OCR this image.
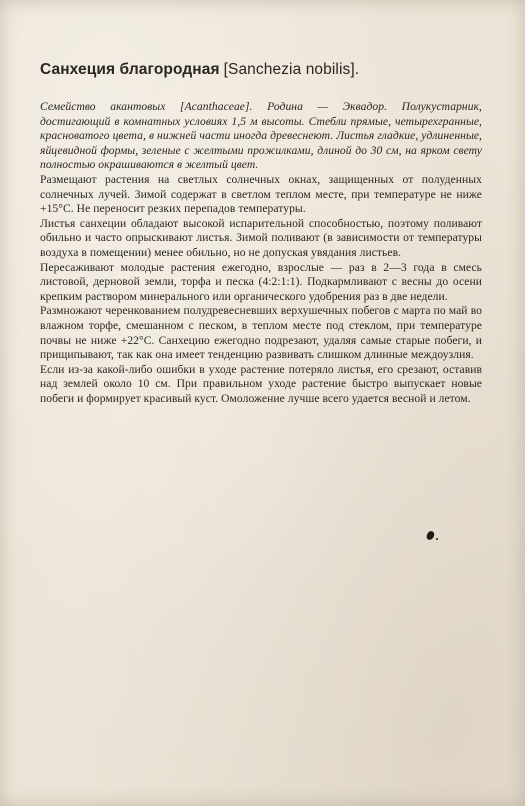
Санхеция благородная [Sanchezia nobilis].

Семейство акантовых [Acanthaceae]. Родина — Эквадор. Полукустарник, достигающий в комнатных условиях 1,5 м высоты. Стебли прямые, четырехгранные, красноватого цвета, в нижней части иногда древеснеют. Листья гладкие, удлиненные, яйцевидной формы, зеленые с желтыми прожилками, длиной до 30 см, на ярком свету полностью окрашиваются в желтый цвет.

Размещают растения на светлых солнечных окнах, защищенных от полуденных солнечных лучей. Зимой содержат в светлом теплом месте, при температуре не ниже +15°С. Не переносит резких перепадов температуры.

Листья санхеции обладают высокой испарительной способностью, поэтому поливают обильно и часто опрыскивают листья. Зимой поливают (в зависимости от температуры воздуха в помещении) менее обильно, но не допуская увядания листьев.

Пересаживают молодые растения ежегодно, взрослые — раз в 2—3 года в смесь листовой, дерновой земли, торфа и песка (4:2:1:1). Подкармливают с весны до осени крепким раствором минерального или органического удобрения раз в две недели.

Размножают черенкованием полудревесневших верхушечных побегов с марта по май во влажном торфе, смешанном с песком, в теплом месте под стеклом, при температуре почвы не ниже +22°С. Санхецию ежегодно подрезают, удаляя самые старые побеги, и прищипывают, так как она имеет тенденцию развивать слишком длинные междоузлия.

Если из-за какой-либо ошибки в уходе растение потеряло листья, его срезают, оставив над землей около 10 см. При правильном уходе растение быстро выпускает новые побеги и формирует красивый куст. Омоложение лучше всего удается весной и летом.
